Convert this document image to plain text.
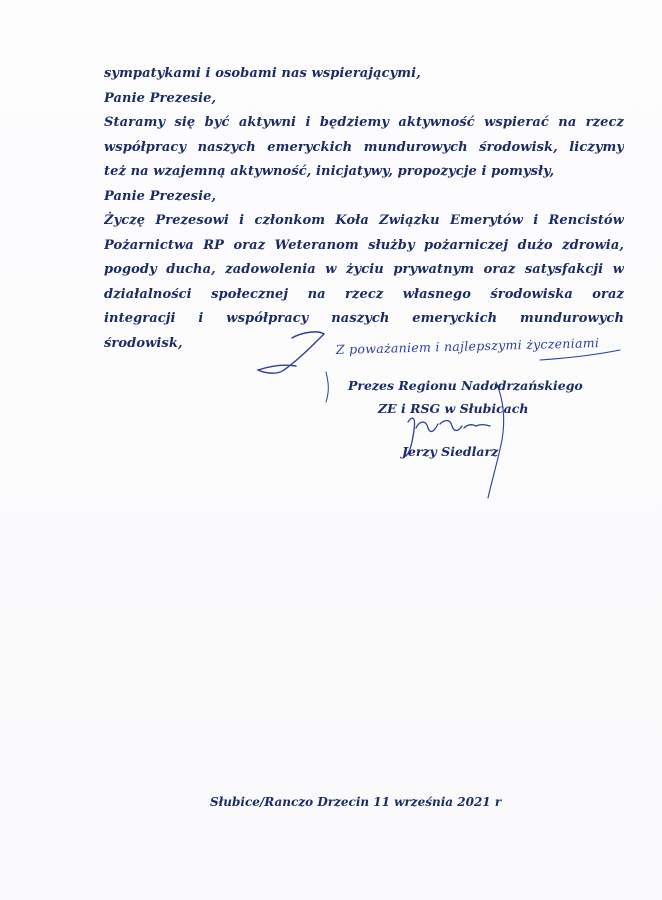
sympatykami i osobami nas wspierającymi,
Panie Prezesie,
Staramy się być aktywni i będziemy aktywność wspierać na rzecz
współpracy naszych emeryckich mundurowych środowisk, liczymy
też na wzajemną aktywność, inicjatywy, propozycje i pomysły,
Panie Prezesie,
Życzę Prezesowi i członkom Koła Związku Emerytów i Rencistów
Pożarnictwa RP oraz Weteranom służby pożarniczej dużo zdrowia,
pogody ducha, zadowolenia w życiu prywatnym oraz satysfakcji w
działalności społecznej na rzecz własnego środowiska oraz
integracji i współpracy naszych emeryckich mundurowych
środowisk,	Z poważaniem i najlepszymi życzeniami
Prezes Regionu Nadodrzańskiego
ZE i RSG w Słubicach
Jerzy Siedlarz
Słubice/Ranczo Drzecin 11 września 2021 r
